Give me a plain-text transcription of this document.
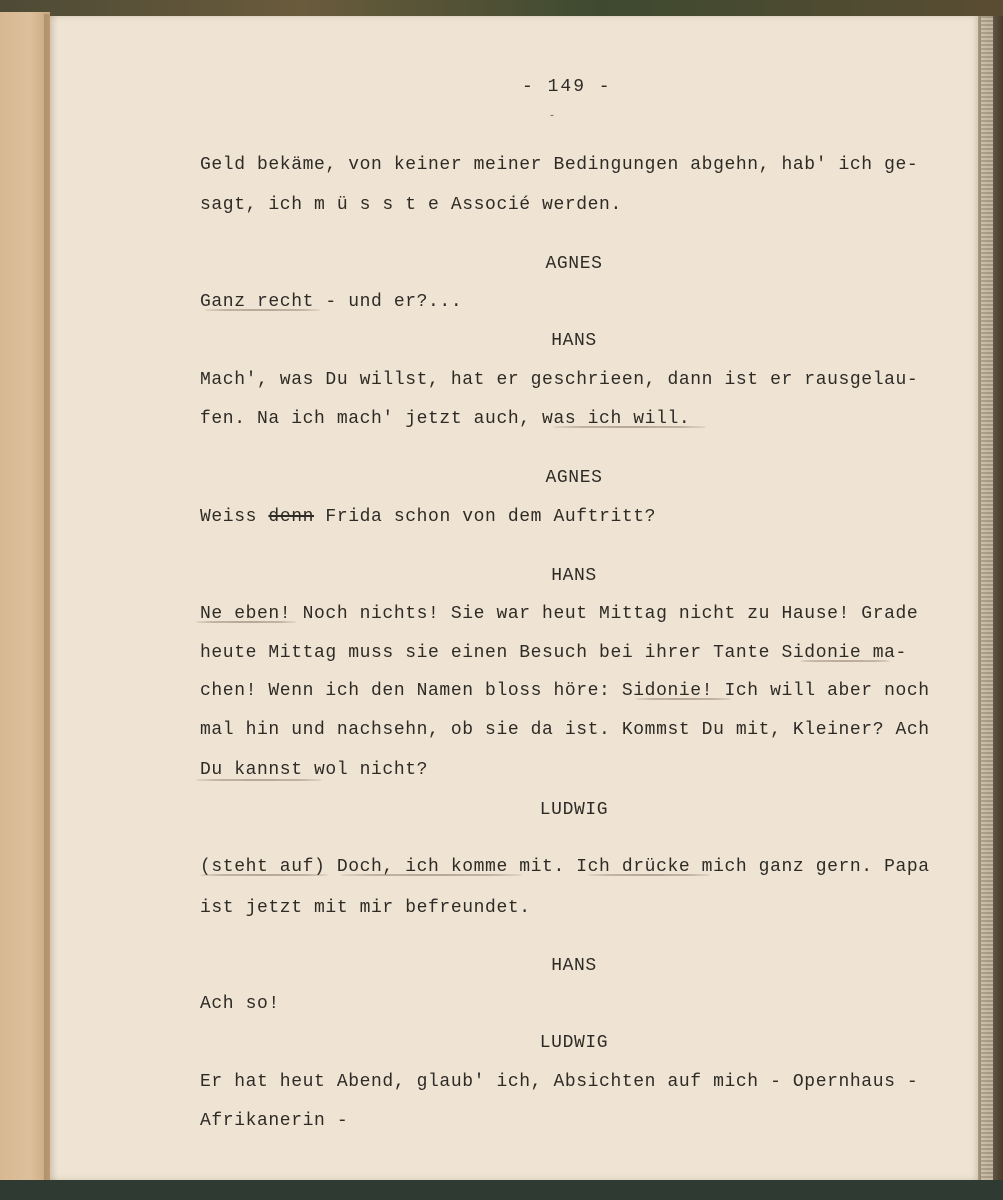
- 149 -
˘
Geld bekäme, von keiner meiner Bedingungen abgehn, hab' ich ge-
sagt, ich m ü s s t e Associé werden.
AGNES
Ganz recht - und er?...
HANS
Mach', was Du willst, hat er geschrieen, dann ist er rausgelau-
fen. Na ich mach' jetzt auch, was ich will.
AGNES
Weiss denn Frida schon von dem Auftritt?
HANS
Ne eben! Noch nichts! Sie war heut Mittag nicht zu Hause! Grade
heute Mittag muss sie einen Besuch bei ihrer Tante Sidonie ma-
chen! Wenn ich den Namen bloss höre: Sidonie! Ich will aber noch
mal hin und nachsehn, ob sie da ist. Kommst Du mit, Kleiner? Ach
Du kannst wol nicht?
LUDWIG
(steht auf) Doch, ich komme mit. Ich drücke mich ganz gern. Papa
ist jetzt mit mir befreundet.
HANS
Ach so!
LUDWIG
Er hat heut Abend, glaub' ich, Absichten auf mich - Opernhaus -
Afrikanerin -
